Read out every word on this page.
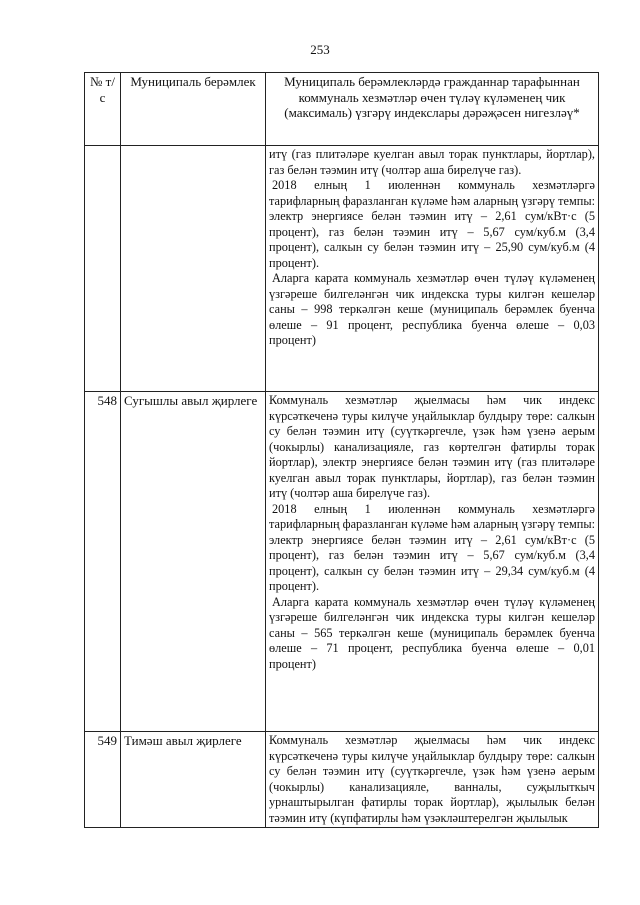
253
№ т/с	Муниципаль берәмлек	Муниципаль берәмлекләрдә гражданнар тарафыннан коммуналь хезмәтләр өчен түләү күләменең чик (максималь) үзгәрү индекслары дәрәҗәсен нигезләү*

		итү (газ плитәләре куелган авыл торак пунктлары, йортлар), газ белән тәэмин итү (чолтәр аша бирелүче газ).
2018 елның 1 июленнән коммуналь хезмәтләргә тарифларның фаразланган күләме һәм аларның үзгәрү темпы: электр энергиясе белән тәэмин итү – 2,61 сум/кВт·с (5 процент), газ белән тәэмин итү – 5,67 сум/куб.м (3,4 процент), салкын су белән тәэмин итү – 25,90 сум/куб.м (4 процент).
Аларга карата коммуналь хезмәтләр өчен түләү күләменең үзгәреше билгеләнгән чик индекска туры килгән кешеләр саны – 998 теркәлгән кеше (муниципаль берәмлек буенча өлеше – 91 процент, республика буенча өлеше – 0,03 процент)

548	Сугышлы авыл җирлеге	Коммуналь хезмәтләр җыелмасы һәм чик индекс күрсәткеченә туры килүче уңайлыклар булдыру төре: салкын су белән тәэмин итү (суүткәргечле, үзәк һәм үзенә аерым (чокырлы) канализацияле, газ көртелгән фатирлы торак йортлар), электр энергиясе белән тәэмин итү (газ плитәләре куелган авыл торак пунктлары, йортлар), газ белән тәэмин итү (чолтәр аша бирелүче газ).
2018 елның 1 июленнән коммуналь хезмәтләргә тарифларның фаразланган күләме һәм аларның үзгәрү темпы: электр энергиясе белән тәэмин итү – 2,61 сум/кВт·с (5 процент), газ белән тәэмин итү – 5,67 сум/куб.м (3,4 процент), салкын су белән тәэмин итү – 29,34 сум/куб.м (4 процент).
Аларга карата коммуналь хезмәтләр өчен түләү күләменең үзгәреше билгеләнгән чик индекска туры килгән кешеләр саны – 565 теркәлгән кеше (муниципаль берәмлек буенча өлеше – 71 процент, республика буенча өлеше – 0,01 процент)

549	Тимәш авыл җирлеге	Коммуналь хезмәтләр җыелмасы һәм чик индекс күрсәткеченә туры килүче уңайлыклар булдыру төре: салкын су белән тәэмин итү (суүткәргечле, үзәк һәм үзенә аерым (чокырлы) канализацияле, ванналы, суҗылыткыч урнаштырылган фатирлы торак йортлар), җылылык белән тәэмин итү (күпфатирлы һәм үзәкләштерелгән җылылык
